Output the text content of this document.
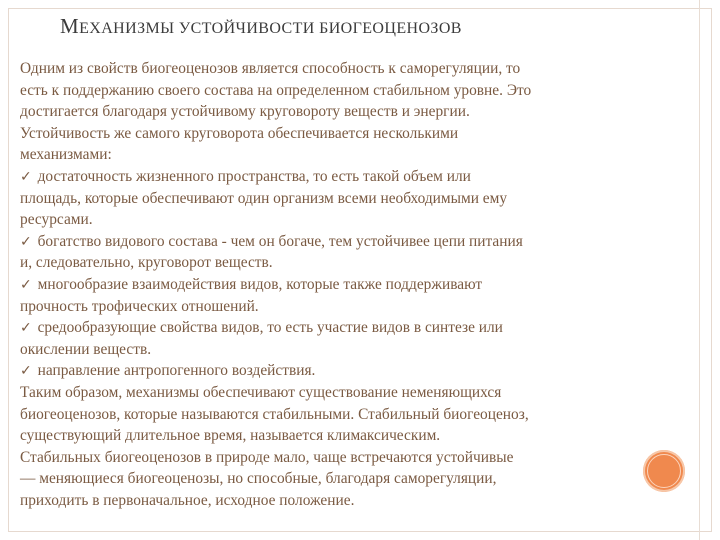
МЕХАНИЗМЫ УСТОЙЧИВОСТИ БИОГЕОЦЕНОЗОВ
Одним из свойств биогеоценозов является способность к саморегуляции, то
есть к поддержанию своего состава на определенном стабильном уровне. Это
достигается благодаря устойчивому круговороту веществ и энергии.
Устойчивость же самого круговорота обеспечивается несколькими
механизмами:
✓ достаточность жизненного пространства, то есть такой объем или
площадь, которые обеспечивают один организм всеми необходимыми ему
ресурсами.
✓ богатство видового состава - чем он богаче, тем устойчивее цепи питания
и, следовательно, круговорот веществ.
✓ многообразие взаимодействия видов, которые также поддерживают
прочность трофических отношений.
✓ средообразующие свойства видов, то есть участие видов в синтезе или
окислении веществ.
✓ направление антропогенного воздействия.
Таким образом, механизмы обеспечивают существование неменяющихся
биогеоценозов, которые называются стабильными. Стабильный биогеоценоз,
существующий длительное время, называется климаксическим.
Стабильных биогеоценозов в природе мало, чаще встречаются устойчивые
— меняющиеся биогеоценозы, но способные, благодаря саморегуляции,
приходить в первоначальное, исходное положение.
